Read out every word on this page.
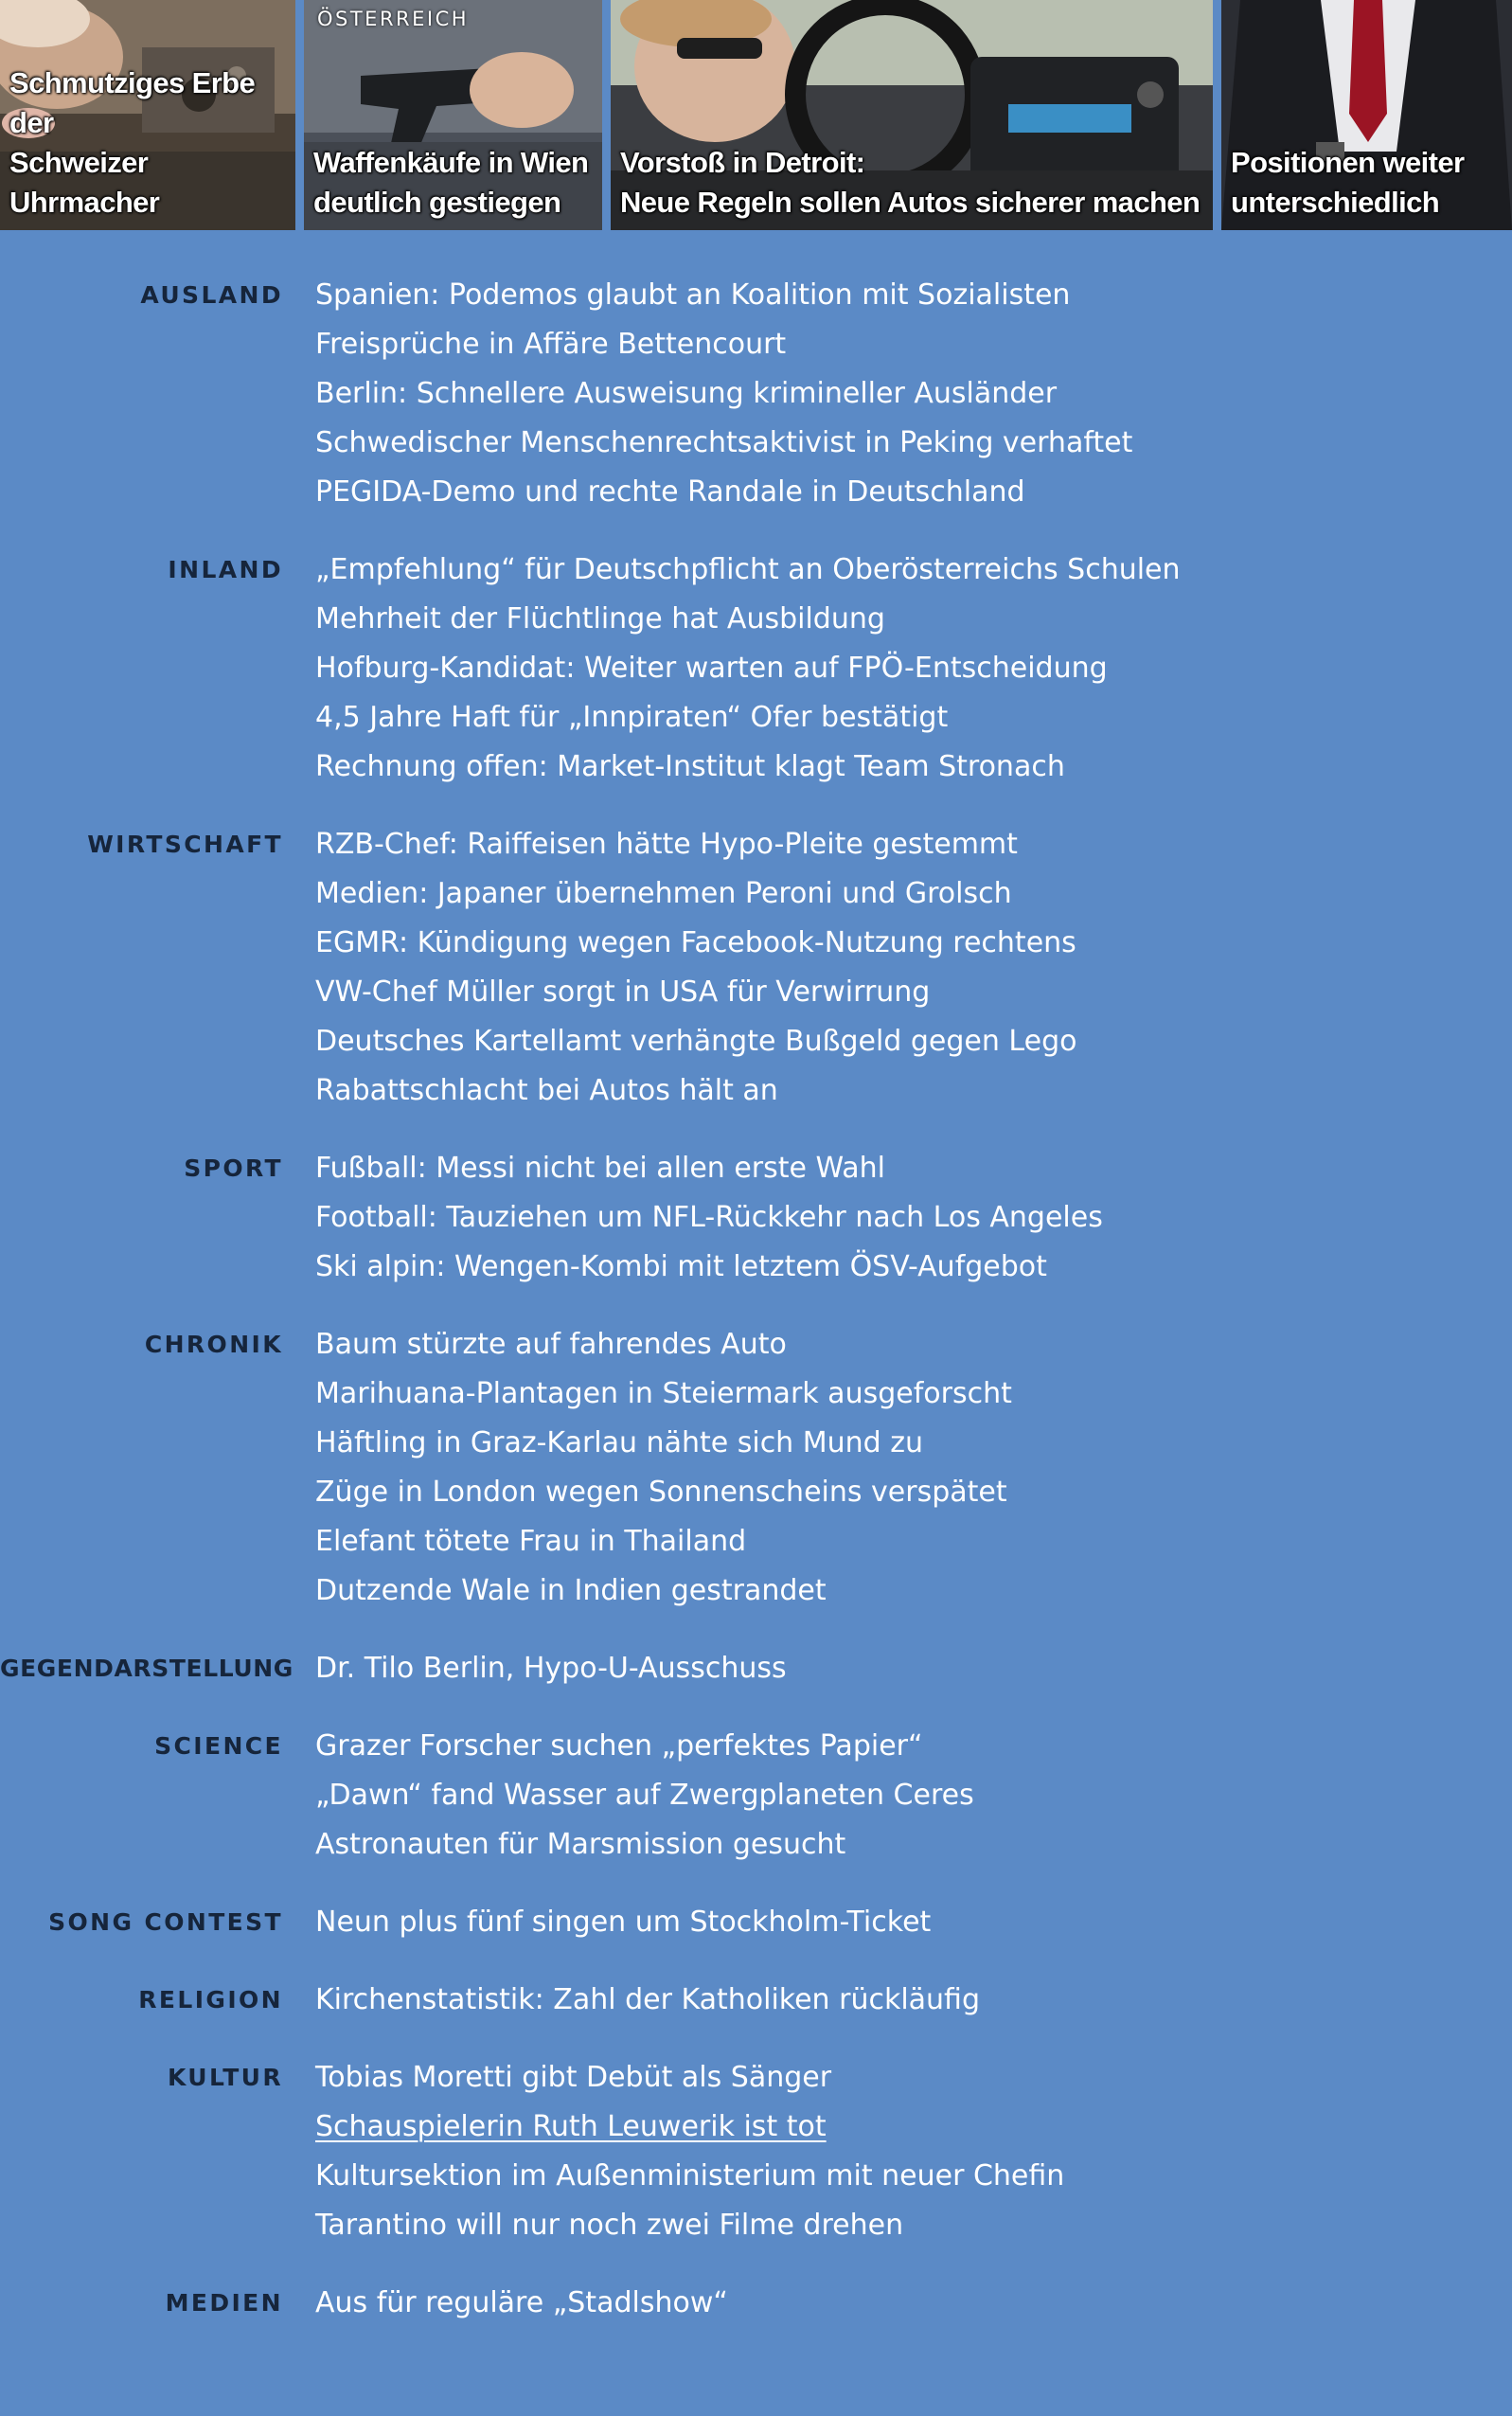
Schmutziges Erbe der
Schweizer Uhrmacher
ÖSTERREICH
Waffenkäufe in Wien
deutlich gestiegen
Vorstoß in Detroit:
Neue Regeln sollen Autos sicherer machen
Positionen weiter
unterschiedlich
AUSLAND Spanien: Podemos glaubt an Koalition mit Sozialisten
Freisprüche in Affäre Bettencourt
Berlin: Schnellere Ausweisung krimineller Ausländer
Schwedischer Menschenrechtsaktivist in Peking verhaftet
PEGIDA-Demo und rechte Randale in Deutschland
INLAND „Empfehlung“ für Deutschpflicht an Oberösterreichs Schulen
Mehrheit der Flüchtlinge hat Ausbildung
Hofburg-Kandidat: Weiter warten auf FPÖ-Entscheidung
4,5 Jahre Haft für „Innpiraten“ Ofer bestätigt
Rechnung offen: Market-Institut klagt Team Stronach
WIRTSCHAFT RZB-Chef: Raiffeisen hätte Hypo-Pleite gestemmt
Medien: Japaner übernehmen Peroni und Grolsch
EGMR: Kündigung wegen Facebook-Nutzung rechtens
VW-Chef Müller sorgt in USA für Verwirrung
Deutsches Kartellamt verhängte Bußgeld gegen Lego
Rabattschlacht bei Autos hält an
SPORT Fußball: Messi nicht bei allen erste Wahl
Football: Tauziehen um NFL-Rückkehr nach Los Angeles
Ski alpin: Wengen-Kombi mit letztem ÖSV-Aufgebot
CHRONIK Baum stürzte auf fahrendes Auto
Marihuana-Plantagen in Steiermark ausgeforscht
Häftling in Graz-Karlau nähte sich Mund zu
Züge in London wegen Sonnenscheins verspätet
Elefant tötete Frau in Thailand
Dutzende Wale in Indien gestrandet
GEGENDARSTELLUNG Dr. Tilo Berlin, Hypo-U-Ausschuss
SCIENCE Grazer Forscher suchen „perfektes Papier“
„Dawn“ fand Wasser auf Zwergplaneten Ceres
Astronauten für Marsmission gesucht
SONG CONTEST Neun plus fünf singen um Stockholm-Ticket
RELIGION Kirchenstatistik: Zahl der Katholiken rückläufig
KULTUR Tobias Moretti gibt Debüt als Sänger
Schauspielerin Ruth Leuwerik ist tot
Kultursektion im Außenministerium mit neuer Chefin
Tarantino will nur noch zwei Filme drehen
MEDIEN Aus für reguläre „Stadlshow“
